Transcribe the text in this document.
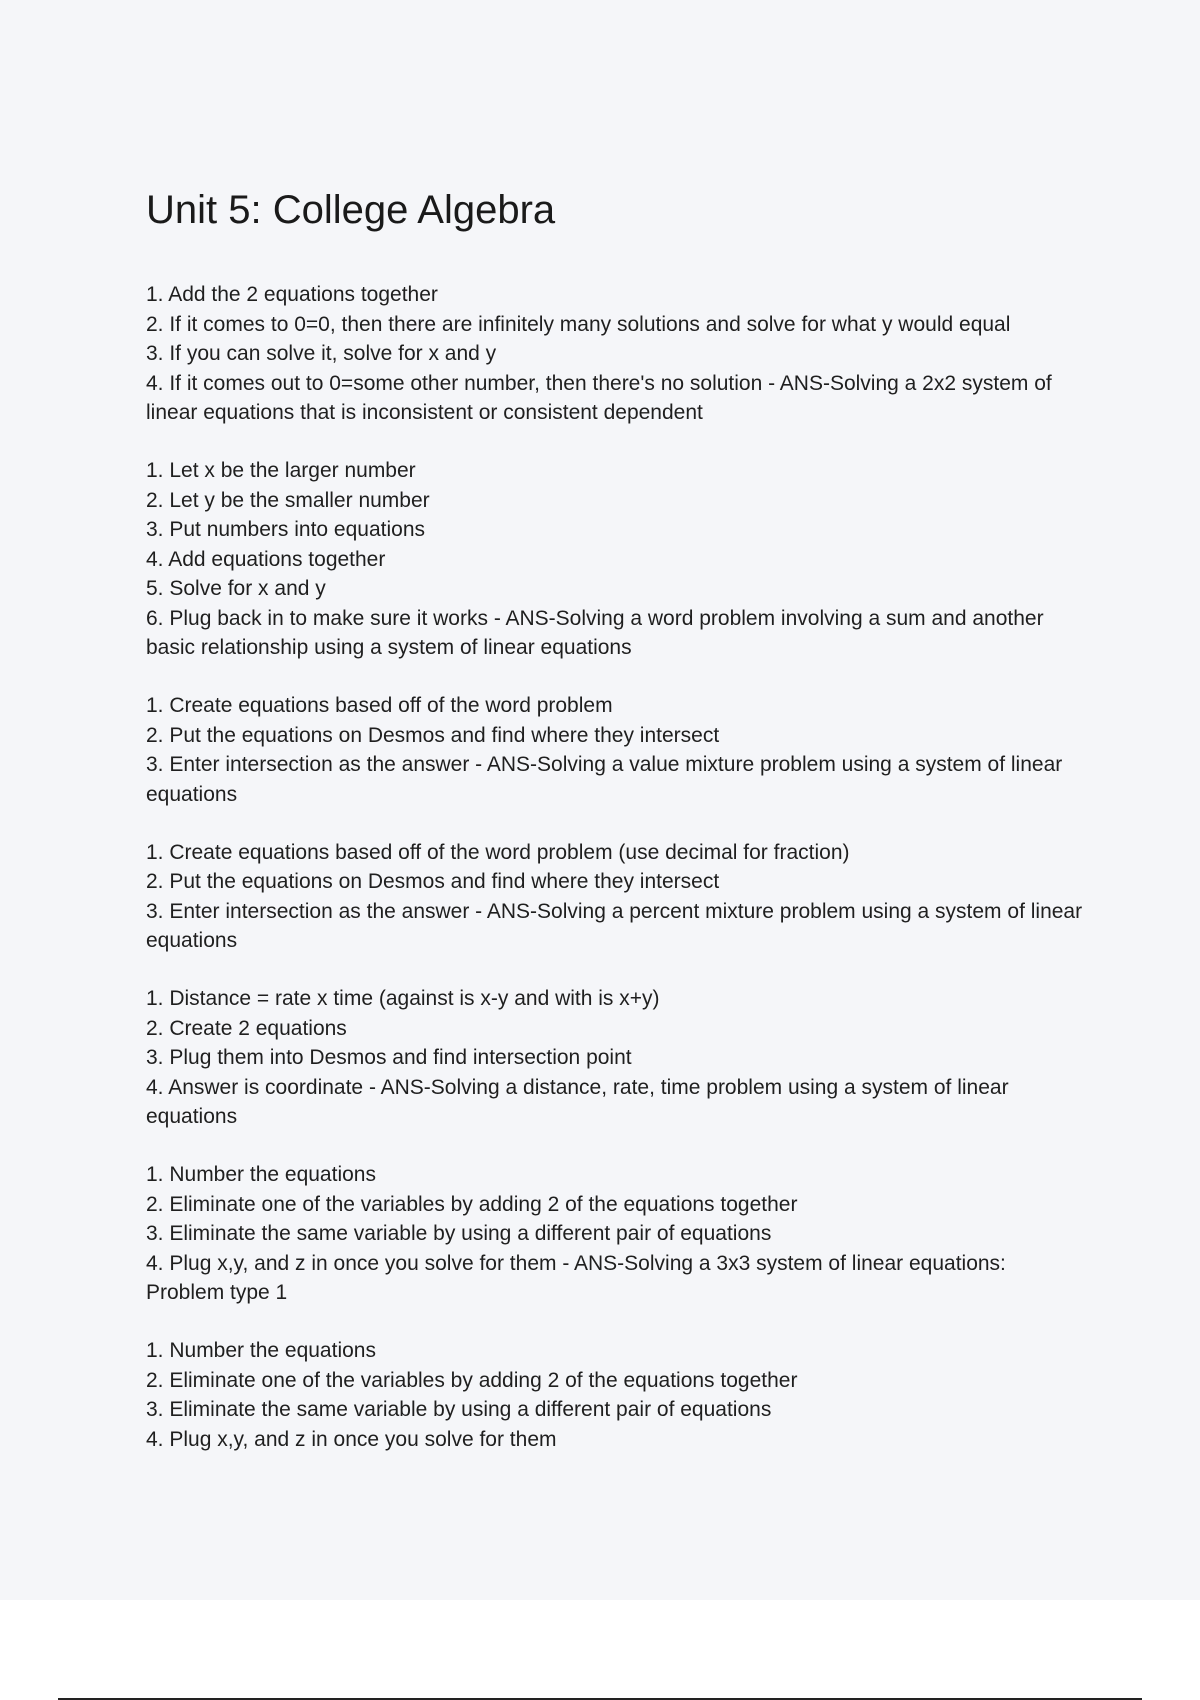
Unit 5: College Algebra
1. Add the 2 equations together
2. If it comes to 0=0, then there are infinitely many solutions and solve for what y would equal
3. If you can solve it, solve for x and y
4. If it comes out to 0=some other number, then there's no solution - ANS-Solving a 2x2 system of linear equations that is inconsistent or consistent dependent
1. Let x be the larger number
2. Let y be the smaller number
3. Put numbers into equations
4. Add equations together
5. Solve for x and y
6. Plug back in to make sure it works - ANS-Solving a word problem involving a sum and another basic relationship using a system of linear equations
1. Create equations based off of the word problem
2. Put the equations on Desmos and find where they intersect
3. Enter intersection as the answer - ANS-Solving a value mixture problem using a system of linear equations
1. Create equations based off of the word problem (use decimal for fraction)
2. Put the equations on Desmos and find where they intersect
3. Enter intersection as the answer - ANS-Solving a percent mixture problem using a system of linear equations
1. Distance = rate x time (against is x-y and with is x+y)
2. Create 2 equations
3. Plug them into Desmos and find intersection point
4. Answer is coordinate - ANS-Solving a distance, rate, time problem using a system of linear equations
1. Number the equations
2. Eliminate one of the variables by adding 2 of the equations together
3. Eliminate the same variable by using a different pair of equations
4. Plug x,y, and z in once you solve for them - ANS-Solving a 3x3 system of linear equations: Problem type 1
1. Number the equations
2. Eliminate one of the variables by adding 2 of the equations together
3. Eliminate the same variable by using a different pair of equations
4. Plug x,y, and z in once you solve for them
